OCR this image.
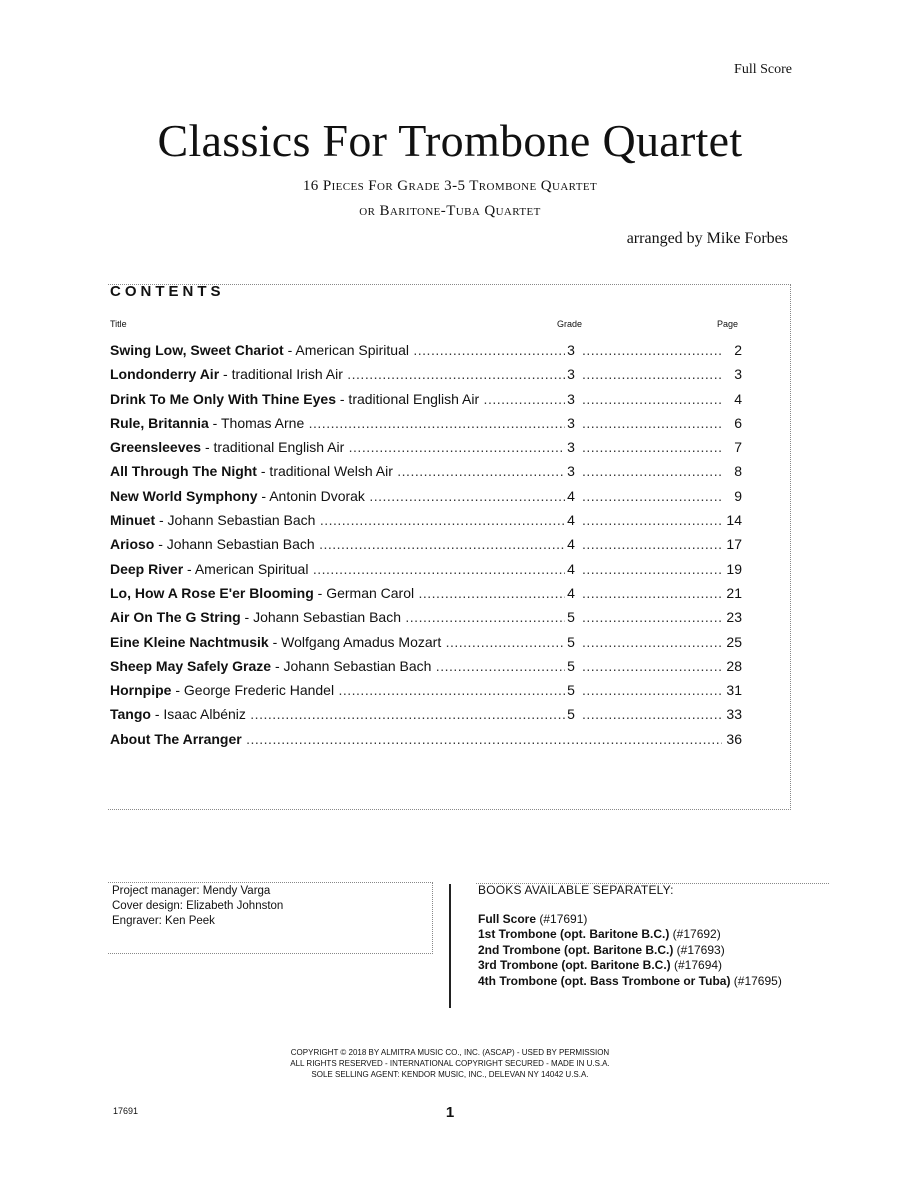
Full Score
Classics For Trombone Quartet
16 Pieces For Grade 3-5 Trombone Quartet
or Baritone-Tuba Quartet
arranged by Mike Forbes
CONTENTS
Title	Grade	Page
Swing Low, Sweet Chariot - American Spiritual .....	3 .....	2
Londonderry Air - traditional Irish Air .....	3 .....	3
Drink To Me Only With Thine Eyes - traditional English Air .....	3 .....	4
Rule, Britannia - Thomas Arne .....	3 .....	6
Greensleeves - traditional English Air .....	3 .....	7
All Through The Night - traditional Welsh Air .....	3 .....	8
New World Symphony - Antonin Dvorak .....	4 .....	9
Minuet - Johann Sebastian Bach .....	4 .....	14
Arioso - Johann Sebastian Bach .....	4 .....	17
Deep River - American Spiritual .....	4 .....	19
Lo, How A Rose E'er Blooming - German Carol .....	4 .....	21
Air On The G String - Johann Sebastian Bach .....	5 .....	23
Eine Kleine Nachtmusik - Wolfgang Amadus Mozart .....	5 .....	25
Sheep May Safely Graze - Johann Sebastian Bach .....	5 .....	28
Hornpipe - George Frederic Handel .....	5 .....	31
Tango - Isaac Albéniz .....	5 .....	33
About The Arranger .....	36
Project manager: Mendy Varga
Cover design: Elizabeth Johnston
Engraver: Ken Peek
BOOKS AVAILABLE SEPARATELY:
Full Score (#17691)
1st Trombone (opt. Baritone B.C.) (#17692)
2nd Trombone (opt. Baritone B.C.) (#17693)
3rd Trombone (opt. Baritone B.C.) (#17694)
4th Trombone (opt. Bass Trombone or Tuba) (#17695)
COPYRIGHT © 2018 BY ALMITRA MUSIC CO., INC. (ASCAP) - USED BY PERMISSION
ALL RIGHTS RESERVED - INTERNATIONAL COPYRIGHT SECURED - MADE IN U.S.A.
SOLE SELLING AGENT: KENDOR MUSIC, INC., DELEVAN NY 14042 U.S.A.
17691	1
